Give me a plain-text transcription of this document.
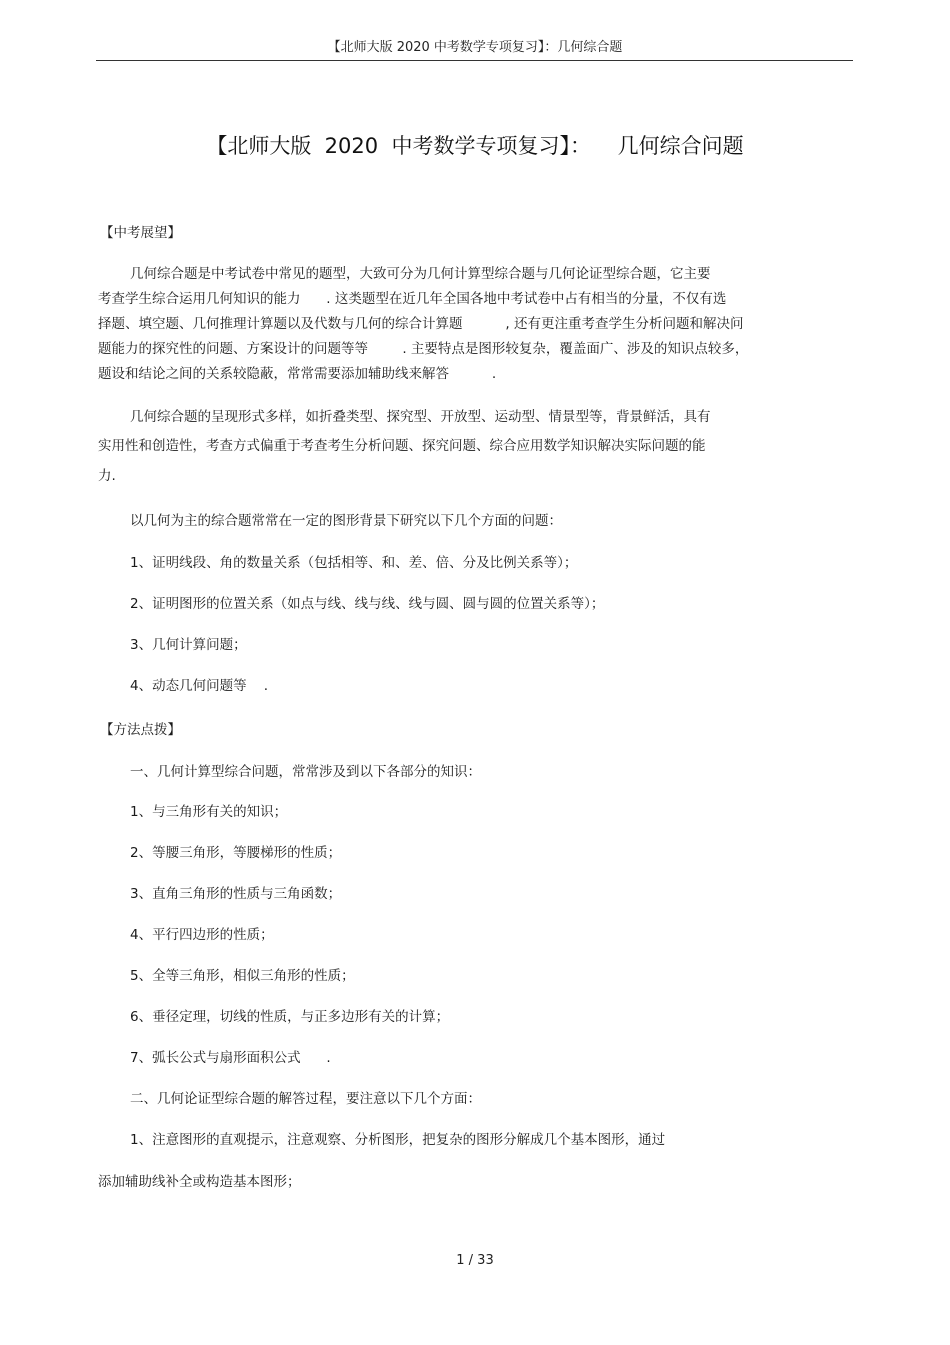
【北师大版 2020 中考数学专项复习】：几何综合题
【北师大版  2020  中考数学专项复习】：    几何综合问题
【中考展望】
几何综合题是中考试卷中常见的题型，大致可分为几何计算型综合题与几何论证型综合题，它主要
考查学生综合运用几何知识的能力      . 这类题型在近几年全国各地中考试卷中占有相当的分量，不仅有选
择题、填空题、几何推理计算题以及代数与几何的综合计算题          , 还有更注重考查学生分析问题和解决问
题能力的探究性的问题、方案设计的问题等等        . 主要特点是图形较复杂，覆盖面广、涉及的知识点较多，
题设和结论之间的关系较隐蔽，常常需要添加辅助线来解答          .
几何综合题的呈现形式多样，如折叠类型、探究型、开放型、运动型、情景型等，背景鲜活，具有
实用性和创造性，考查方式偏重于考查考生分析问题、探究问题、综合应用数学知识解决实际问题的能
力.
以几何为主的综合题常常在一定的图形背景下研究以下几个方面的问题：
1、证明线段、角的数量关系（包括相等、和、差、倍、分及比例关系等）；
2、证明图形的位置关系（如点与线、线与线、线与圆、圆与圆的位置关系等）；
3、几何计算问题；
4、动态几何问题等    .
【方法点拨】
一、几何计算型综合问题，常常涉及到以下各部分的知识：
1、与三角形有关的知识；
2、等腰三角形，等腰梯形的性质；
3、直角三角形的性质与三角函数；
4、平行四边形的性质；
5、全等三角形，相似三角形的性质；
6、垂径定理，切线的性质，与正多边形有关的计算；
7、弧长公式与扇形面积公式      .
二、几何论证型综合题的解答过程，要注意以下几个方面：
1、注意图形的直观提示，注意观察、分析图形，把复杂的图形分解成几个基本图形，通过
添加辅助线补全或构造基本图形；
1 / 33
